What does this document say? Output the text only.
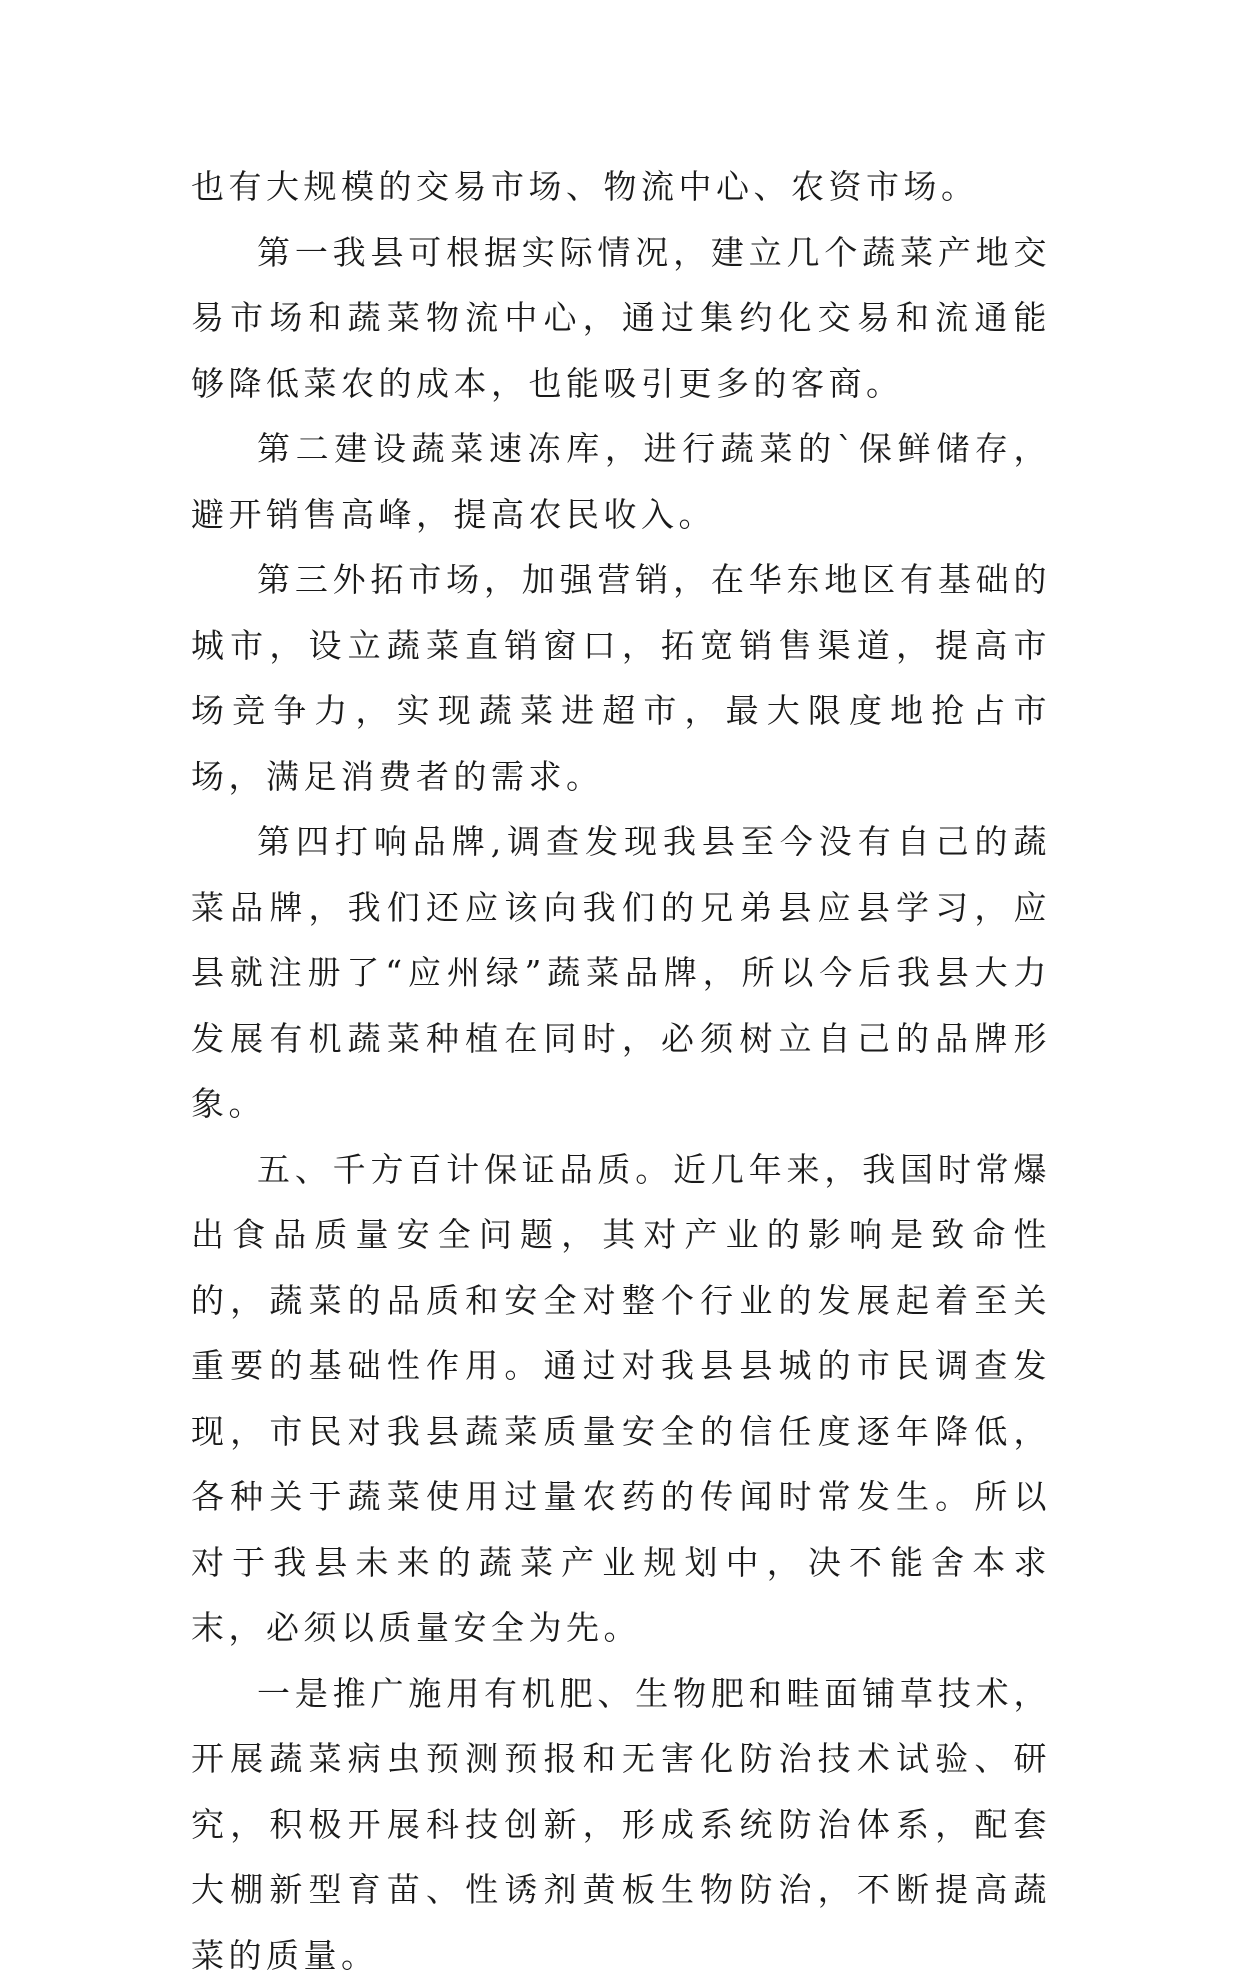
也有大规模的交易市场、物流中心、农资市场。

第一我县可根据实际情况，建立几个蔬菜产地交易市场和蔬菜物流中心，通过集约化交易和流通能够降低菜农的成本，也能吸引更多的客商。

第二建设蔬菜速冻库，进行蔬菜的`保鲜储存，避开销售高峰，提高农民收入。

第三外拓市场，加强营销，在华东地区有基础的城市，设立蔬菜直销窗口，拓宽销售渠道，提高市场竞争力，实现蔬菜进超市，最大限度地抢占市场，满足消费者的需求。

第四打响品牌,调查发现我县至今没有自己的蔬菜品牌，我们还应该向我们的兄弟县应县学习，应县就注册了“应州绿”蔬菜品牌，所以今后我县大力发展有机蔬菜种植在同时，必须树立自己的品牌形象。

五、千方百计保证品质。近几年来，我国时常爆出食品质量安全问题，其对产业的影响是致命性的，蔬菜的品质和安全对整个行业的发展起着至关重要的基础性作用。通过对我县县城的市民调查发现，市民对我县蔬菜质量安全的信任度逐年降低，各种关于蔬菜使用过量农药的传闻时常发生。所以对于我县未来的蔬菜产业规划中，决不能舍本求末，必须以质量安全为先。

一是推广施用有机肥、生物肥和畦面铺草技术，开展蔬菜病虫预测预报和无害化防治技术试验、研究，积极开展科技创新，形成系统防治体系，配套大棚新型育苗、性诱剂黄板生物防治，不断提高蔬菜的质量。
